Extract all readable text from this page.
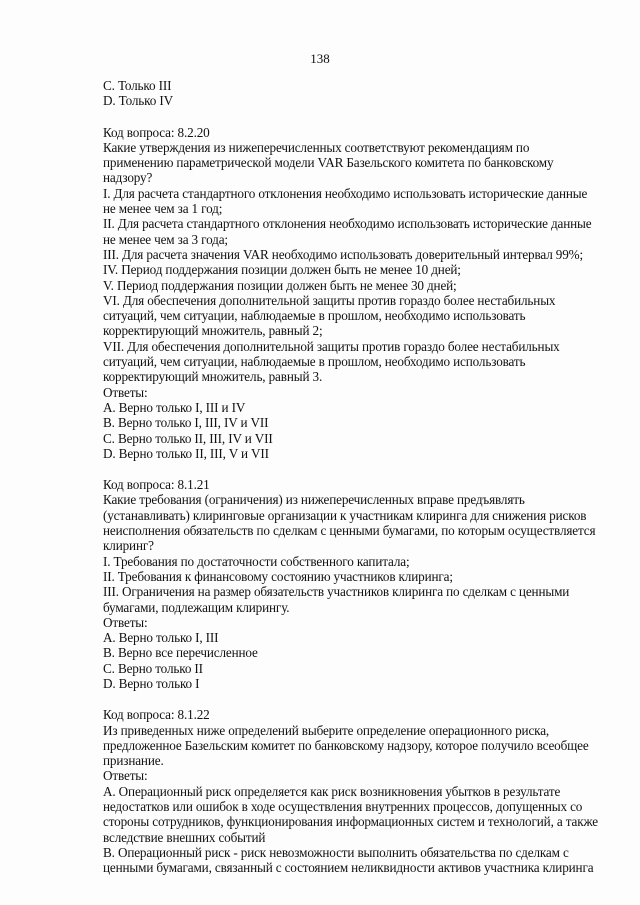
138
C. Только III
D. Только IV
Код вопроса: 8.2.20
Какие утверждения из нижеперечисленных соответствуют рекомендациям по
применению параметрической модели VAR Базельского комитета по банковскому
надзору?
I. Для расчета стандартного отклонения необходимо использовать исторические данные
не менее чем за 1 год;
II. Для расчета стандартного отклонения необходимо использовать исторические данные
не менее чем за 3 года;
III. Для расчета значения VAR необходимо использовать доверительный интервал 99%;
IV. Период поддержания позиции должен быть не менее 10 дней;
V. Период поддержания позиции должен быть не менее 30 дней;
VI. Для обеспечения дополнительной защиты против гораздо более нестабильных
ситуаций, чем ситуации, наблюдаемые в прошлом, необходимо использовать
корректирующий множитель, равный 2;
VII. Для обеспечения дополнительной защиты против гораздо более нестабильных
ситуаций, чем ситуации, наблюдаемые в прошлом, необходимо использовать
корректирующий множитель, равный 3.
Ответы:
A. Верно только I, III и IV
B. Верно только I, III, IV и VII
C. Верно только II, III, IV и VII
D. Верно только II, III, V и VII
Код вопроса: 8.1.21
Какие требования (ограничения) из нижеперечисленных вправе предъявлять
(устанавливать) клиринговые организации к участникам клиринга для снижения рисков
неисполнения обязательств по сделкам с ценными бумагами, по которым осуществляется
клиринг?
I. Требования по достаточности собственного капитала;
II. Требования к финансовому состоянию участников клиринга;
III. Ограничения на размер обязательств участников клиринга по сделкам с ценными
бумагами, подлежащим клирингу.
Ответы:
A. Верно только I, III
B. Верно все перечисленное
C. Верно только II
D. Верно только I
Код вопроса: 8.1.22
Из приведенных ниже определений выберите определение операционного риска,
предложенное Базельским комитет по банковскому надзору, которое получило всеобщее
признание.
Ответы:
A. Операционный риск определяется как риск возникновения убытков в результате
недостатков или ошибок в ходе осуществления внутренних процессов, допущенных со
стороны сотрудников, функционирования информационных систем и технологий, а также
вследствие внешних событий
B. Операционный риск - риск невозможности выполнить обязательства по сделкам с
ценными бумагами, связанный с состоянием неликвидности активов участника клиринга
